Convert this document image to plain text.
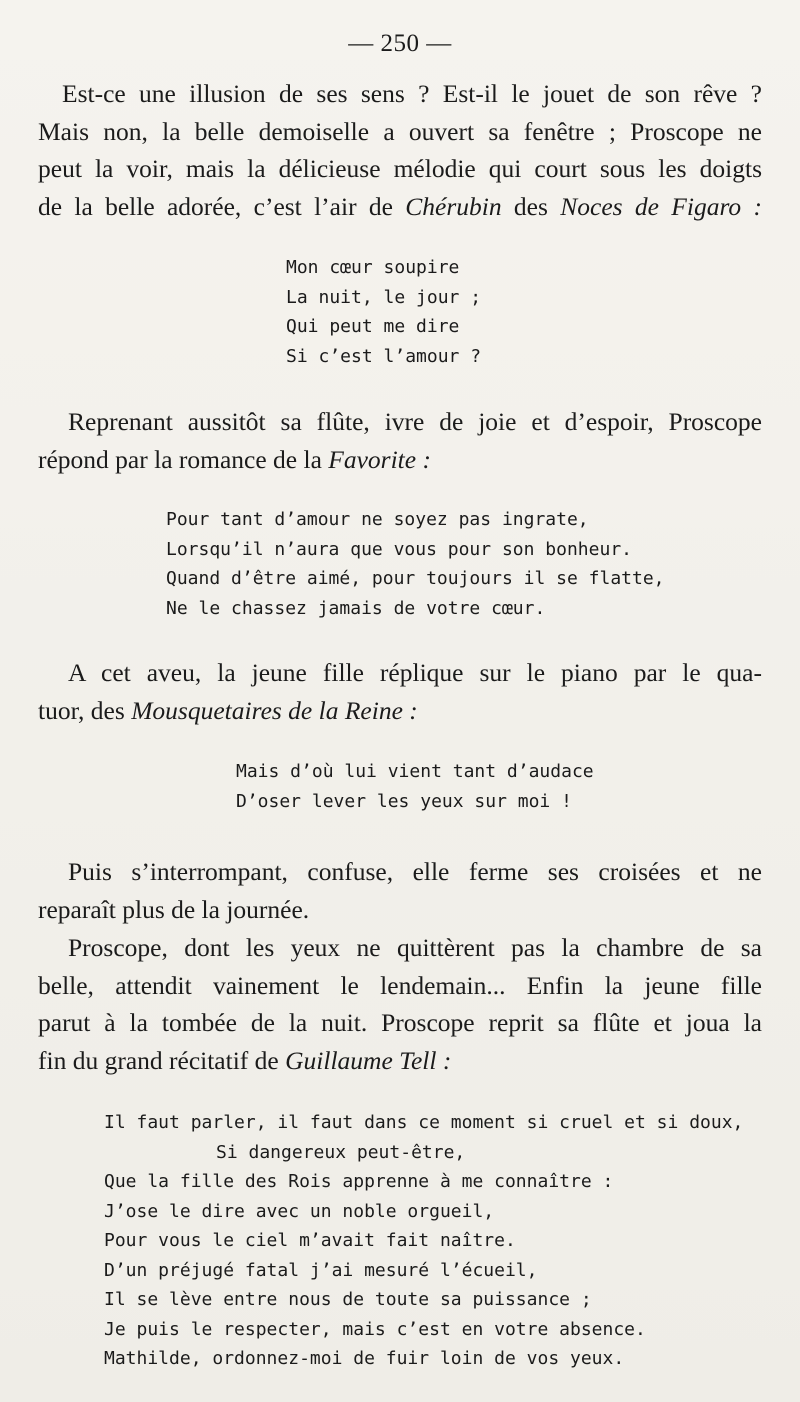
— 250 —
Est-ce une illusion de ses sens ? Est-il le jouet de son rêve ?
Mais non, la belle demoiselle a ouvert sa fenêtre ; Proscope ne
peut la voir, mais la délicieuse mélodie qui court sous les doigts
de la belle adorée, c’est l’air de Chérubin des Noces de Figaro :
Mon cœur soupire
La nuit, le jour ;
Qui peut me dire
Si c’est l’amour ?
Reprenant aussitôt sa flûte, ivre de joie et d’espoir, Proscope
répond par la romance de la Favorite :
Pour tant d’amour ne soyez pas ingrate,
Lorsqu’il n’aura que vous pour son bonheur.
Quand d’être aimé, pour toujours il se flatte,
Ne le chassez jamais de votre cœur.
A cet aveu, la jeune fille réplique sur le piano par le qua-
tuor, des Mousquetaires de la Reine :
Mais d’où lui vient tant d’audace
D’oser lever les yeux sur moi !
Puis s’interrompant, confuse, elle ferme ses croisées et ne
reparaît plus de la journée.
Proscope, dont les yeux ne quittèrent pas la chambre de sa
belle, attendit vainement le lendemain... Enfin la jeune fille
parut à la tombée de la nuit. Proscope reprit sa flûte et joua la
fin du grand récitatif de Guillaume Tell :
Il faut parler, il faut dans ce moment si cruel et si doux,
Si dangereux peut-être,
Que la fille des Rois apprenne à me connaître :
J’ose le dire avec un noble orgueil,
Pour vous le ciel m’avait fait naître.
D’un préjugé fatal j’ai mesuré l’écueil,
Il se lève entre nous de toute sa puissance ;
Je puis le respecter, mais c’est en votre absence.
Mathilde, ordonnez-moi de fuir loin de vos yeux.
